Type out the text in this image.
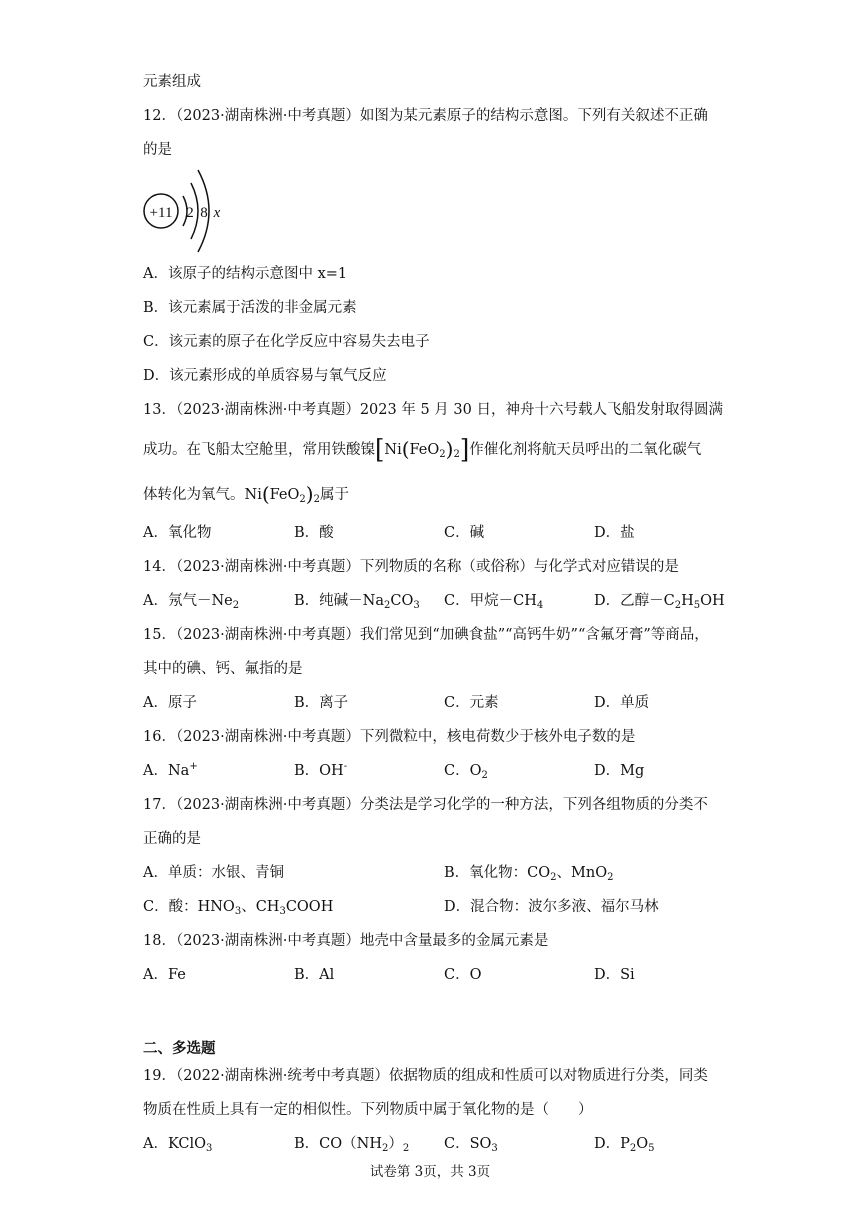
元素组成
12．（2023·湖南株洲·中考真题）如图为某元素原子的结构示意图。下列有关叙述不正确
的是
+11 2 8 x
A．该原子的结构示意图中 x=1
B．该元素属于活泼的非金属元素
C．该元素的原子在化学反应中容易失去电子
D．该元素形成的单质容易与氧气反应
13．（2023·湖南株洲·中考真题）2023 年 5 月 30 日，神舟十六号载人飞船发射取得圆满
成功。在飞船太空舱里，常用铁酸镍$[Ni(FeO_2)_2]$作催化剂将航天员呼出的二氧化碳气
体转化为氧气。$Ni(FeO_2)_2$属于
A．氧化物	B．酸	C．碱	D．盐
14．（2023·湖南株洲·中考真题）下列物质的名称（或俗称）与化学式对应错误的是
A．氖气$-Ne_2$	B．纯碱$-Na_2CO_3$ C．甲烷$-CH_4$	D．乙醇$-C_2H_5OH$
15．（2023·湖南株洲·中考真题）我们常见到“加碘食盐”“高钙牛奶”“含氟牙膏”等商品，
其中的碘、钙、氟指的是
A．原子	B．离子	C．元素	D．单质
16．（2023·湖南株洲·中考真题）下列微粒中，核电荷数少于核外电子数的是
A．Na+	B．OH-	C．$O_2$	D．Mg
17．（2023·湖南株洲·中考真题）分类法是学习化学的一种方法，下列各组物质的分类不
正确的是
A．单质：水银、青铜	B．氧化物：$CO_2$、MnO$_2$
C．酸：$HNO_3$、$CH_3COOH$	D．混合物：波尔多液、福尔马林
18．（2023·湖南株洲·中考真题）地壳中含量最多的金属元素是
A．Fe	B．Al	C．O	D．Si
二、多选题
19．（2022·湖南株洲·统考中考真题）依据物质的组成和性质可以对物质进行分类，同类
物质在性质上具有一定的相似性。下列物质中属于氧化物的是（　　）
A．KClO$_3$	B．$CO(NH_2)_2$ C．$SO_3$	D．$P_2O_5$
试卷第 3页，共 3页
